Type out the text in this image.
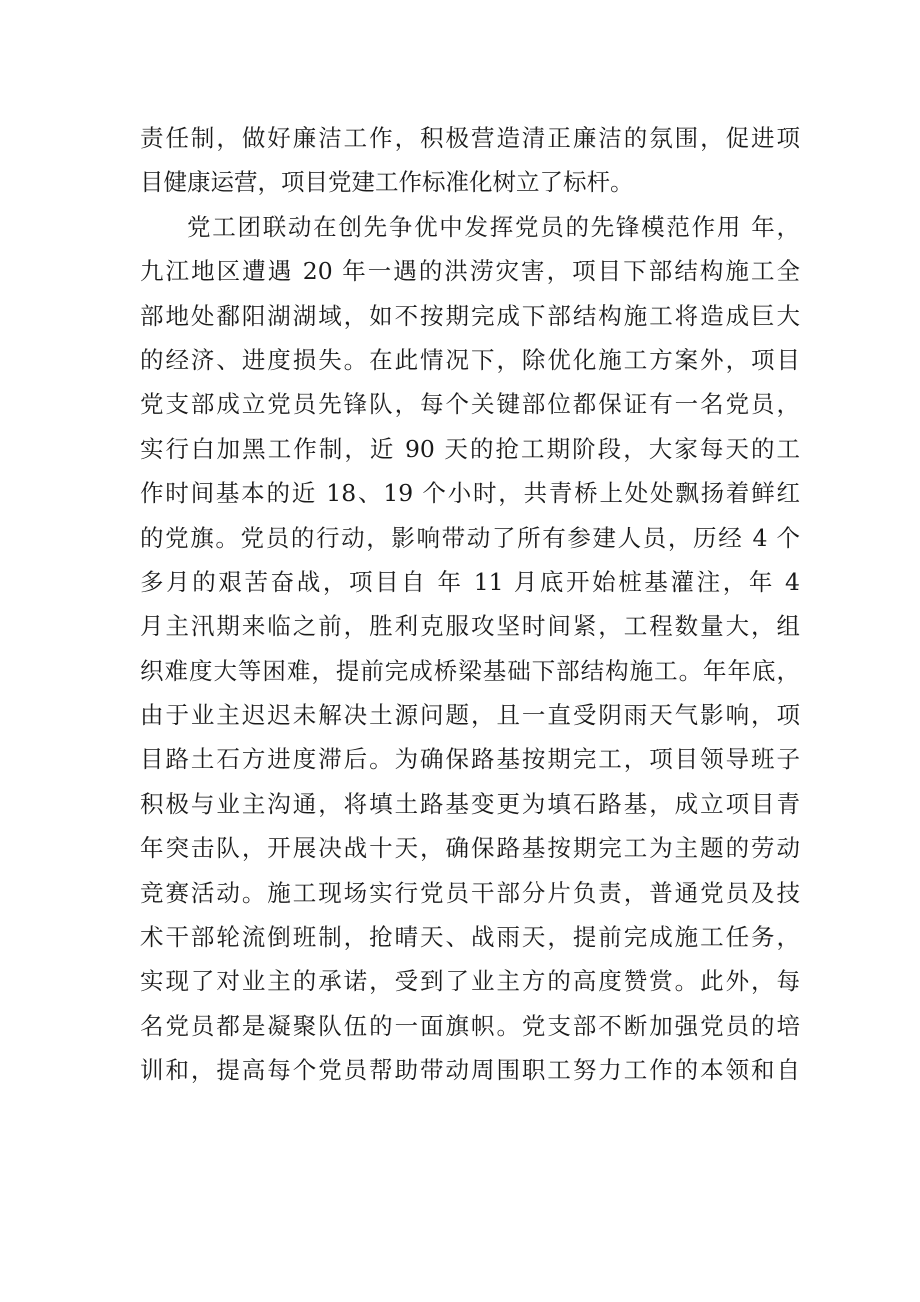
责任制，做好廉洁工作，积极营造清正廉洁的氛围，促进项
目健康运营，项目党建工作标准化树立了标杆。
党工团联动在创先争优中发挥党员的先锋模范作用 年，
九江地区遭遇 20 年一遇的洪涝灾害，项目下部结构施工全
部地处鄱阳湖湖域，如不按期完成下部结构施工将造成巨大
的经济、进度损失。在此情况下，除优化施工方案外，项目
党支部成立党员先锋队，每个关键部位都保证有一名党员，
实行白加黑工作制，近 90 天的抢工期阶段，大家每天的工
作时间基本的近 18、19 个小时，共青桥上处处飘扬着鲜红
的党旗。党员的行动，影响带动了所有参建人员，历经 4 个
多月的艰苦奋战，项目自 年 11 月底开始桩基灌注，年 4
月主汛期来临之前，胜利克服攻坚时间紧，工程数量大，组
织难度大等困难，提前完成桥梁基础下部结构施工。年年底，
由于业主迟迟未解决土源问题，且一直受阴雨天气影响，项
目路土石方进度滞后。为确保路基按期完工，项目领导班子
积极与业主沟通，将填土路基变更为填石路基，成立项目青
年突击队，开展决战十天，确保路基按期完工为主题的劳动
竞赛活动。施工现场实行党员干部分片负责，普通党员及技
术干部轮流倒班制，抢晴天、战雨天，提前完成施工任务，
实现了对业主的承诺，受到了业主方的高度赞赏。此外，每
名党员都是凝聚队伍的一面旗帜。党支部不断加强党员的培
训和，提高每个党员帮助带动周围职工努力工作的本领和自
